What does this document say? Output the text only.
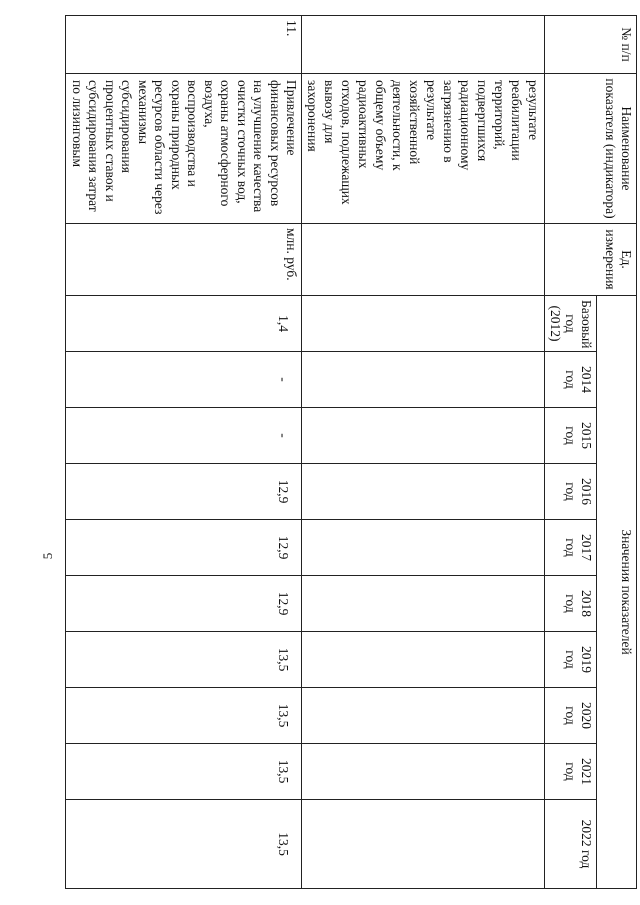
5
№ п/п	Наименование показателя (индикатора)	Ед. измерения	Значения показателей									
			Базовый год (2012)	2014 год	2015 год	2016 год	2017 год	2018 год	2019 год	2020 год	2021 год	2022 год
	результате реабилитации территорий, подвергшихся радиационному загрязнению в результате хозяйственной деятельности, к общему объему радиоактивных отходов, подлежащих вывозу для захоронения											
11.	Привлечение финансовых ресурсов на улучшение качества очистки сточных вод, охраны атмосферного воздуха, воспроизводства и охраны природных ресурсов области через механизмы субсидирования процентных ставок и субсидирования затрат по лизинговым	млн. руб.	1,4	-	-	12,9	12,9	12,9	13,5	13,5	13,5	13,5
